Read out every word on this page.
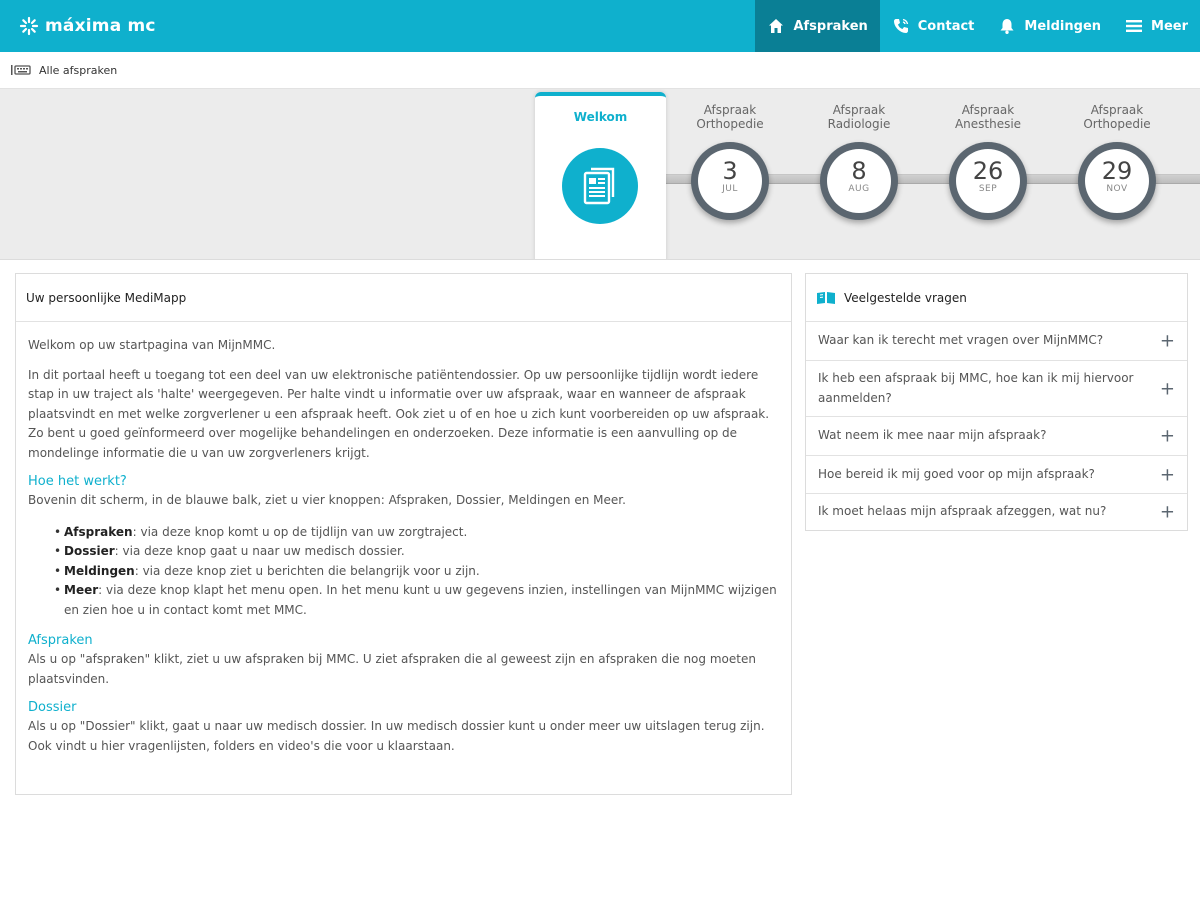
máxima mc	Afspraken	Contact	Meldingen	Meer
Alle afspraken
Welkom	Afspraak
Orthopedie
3
JUL
Afspraak
Radiologie
8
AUG
Afspraak
Anesthesie
26
SEP
Afspraak
Orthopedie
29
NOV
Uw persoonlijke MediMapp

Welkom op uw startpagina van MijnMMC.

In dit portaal heeft u toegang tot een deel van uw elektronische patiëntendossier. Op uw persoonlijke tijdlijn wordt iedere stap in uw traject als 'halte' weergegeven. Per halte vindt u informatie over uw afspraak, waar en wanneer de afspraak plaatsvindt en met welke zorgverlener u een afspraak heeft. Ook ziet u of en hoe u zich kunt voorbereiden op uw afspraak. Zo bent u goed geïnformeerd over mogelijke behandelingen en onderzoeken. Deze informatie is een aanvulling op de mondelinge informatie die u van uw zorgverleners krijgt.

Hoe het werkt?
Bovenin dit scherm, in de blauwe balk, ziet u vier knoppen: Afspraken, Dossier, Meldingen en Meer.
• Afspraken: via deze knop komt u op de tijdlijn van uw zorgtraject.
• Dossier: via deze knop gaat u naar uw medisch dossier.
• Meldingen: via deze knop ziet u berichten die belangrijk voor u zijn.
• Meer: via deze knop klapt het menu open. In het menu kunt u uw gegevens inzien, instellingen van MijnMMC wijzigen en zien hoe u in contact komt met MMC.
Afspraken

Als u op "afspraken" klikt, ziet u uw afspraken bij MMC. U ziet afspraken die al geweest zijn en afspraken die nog moeten plaatsvinden.

Dossier

Als u op "Dossier" klikt, gaat u naar uw medisch dossier. In uw medisch dossier kunt u onder meer uw uitslagen terug zijn. Ook vindt u hier vragenlijsten, folders en video's die voor u klaarstaan.

Veelgestelde vragen
Waar kan ik terecht met vragen over MijnMMC?	+
Ik heb een afspraak bij MMC, hoe kan ik mij hiervoor aanmelden?	+
Wat neem ik mee naar mijn afspraak?	+
Hoe bereid ik mij goed voor op mijn afspraak?	+
Ik moet helaas mijn afspraak afzeggen, wat nu?	+
